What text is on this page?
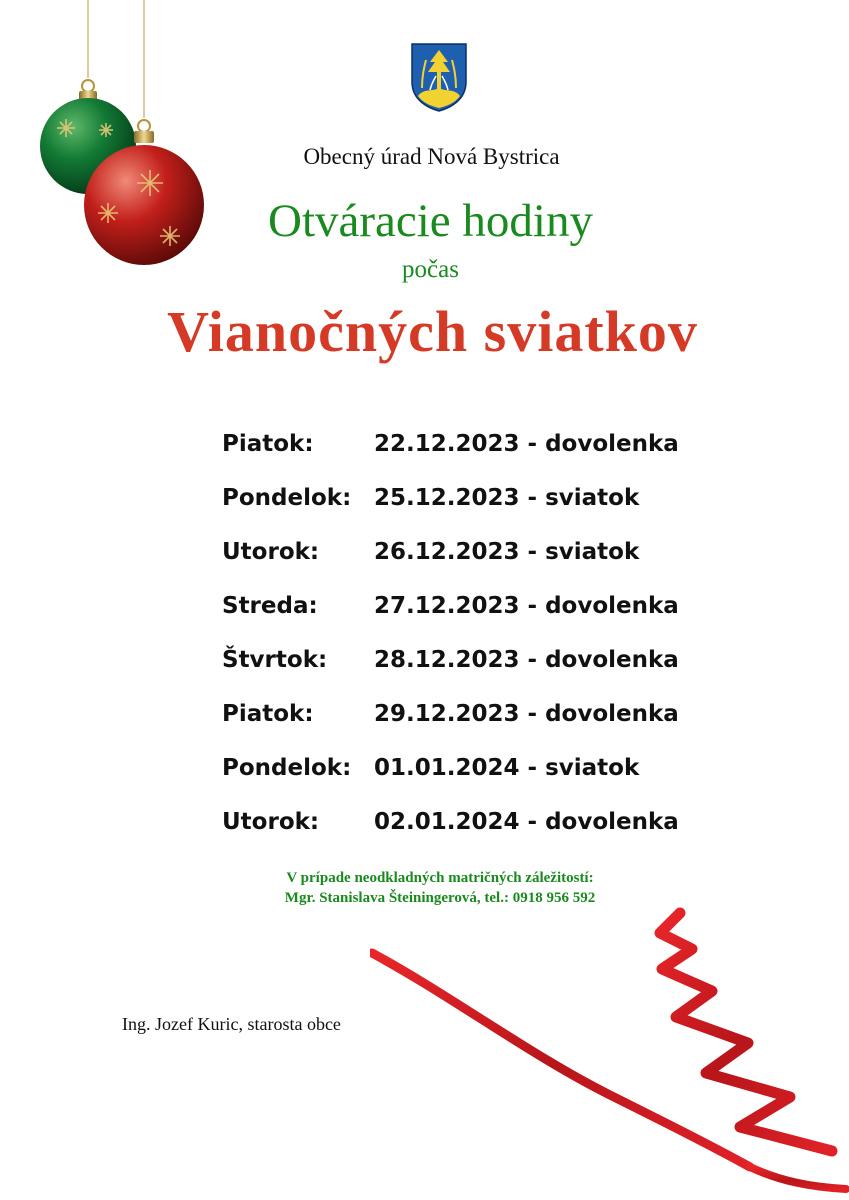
Obecný úrad Nová Bystrica
Otváracie hodiny
počas
Vianočných sviatkov
Piatok:	22.12.2023 - dovolenka
Pondelok: 25.12.2023 - sviatok
Utorok:	26.12.2023 - sviatok
Streda:	27.12.2023 - dovolenka
Štvrtok:	28.12.2023 - dovolenka
Piatok:	29.12.2023 - dovolenka
Pondelok: 01.01.2024 - sviatok
Utorok:	02.01.2024 - dovolenka
V prípade neodkladných matričných záležitostí:
Mgr. Stanislava Šteiningerová, tel.: 0918 956 592
Ing. Jozef Kuric, starosta obce
